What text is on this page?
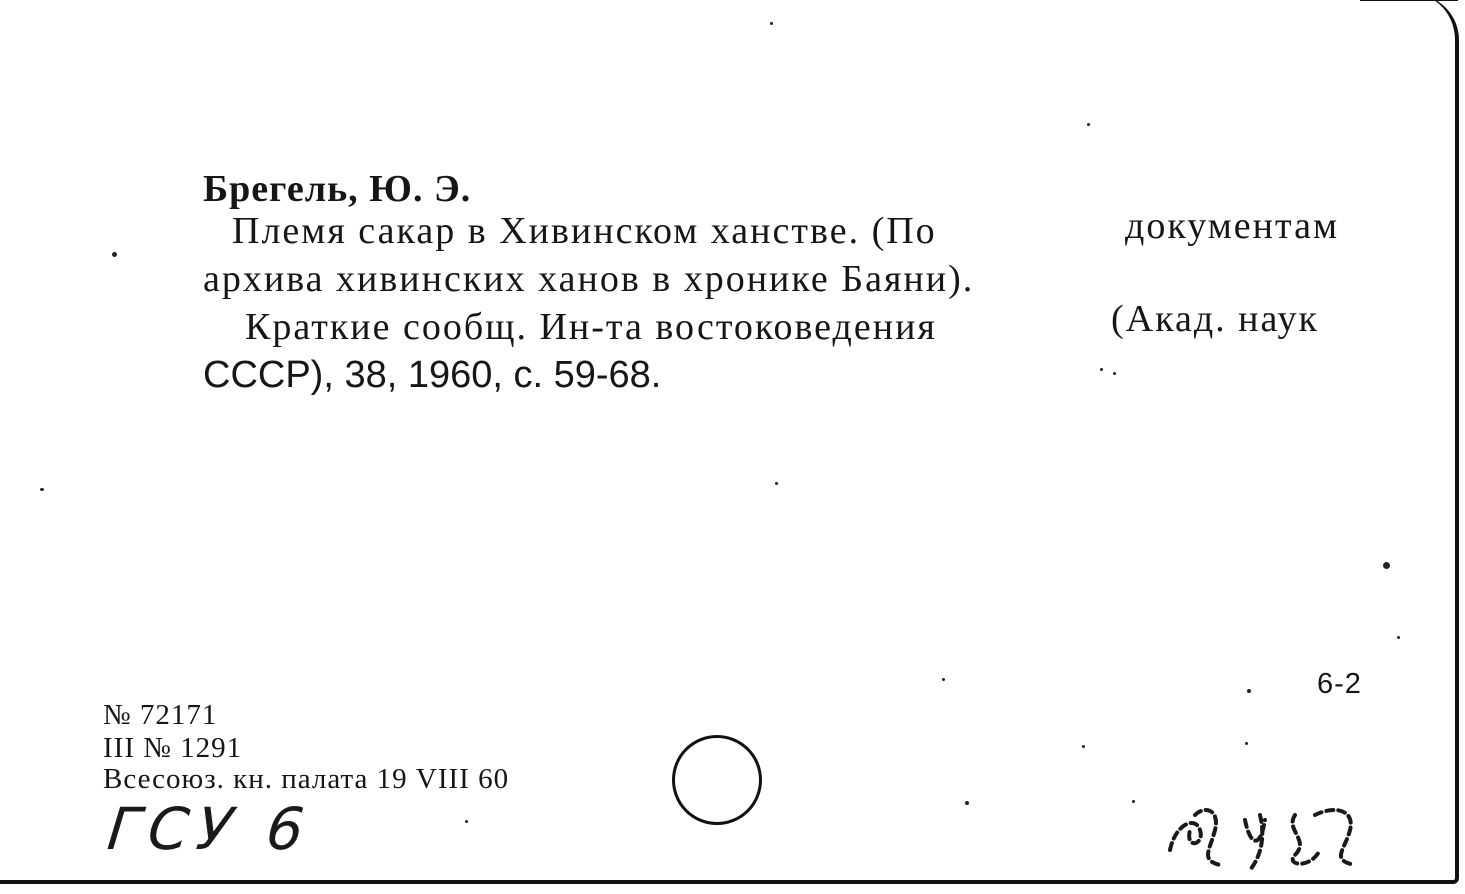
Брегель, Ю. Э.
Племя сакар в Хивинском ханстве. (По	документам
архива хивинских ханов в хронике Баяни).
Краткие сообщ. Ин-та востоковедения	(Акад. наук
СССР), 38, 1960, с. 59-68.
№ 72171
III № 1291
Всесоюз. кн. палата 19 VIII 60
6-2
ГСУ 6
